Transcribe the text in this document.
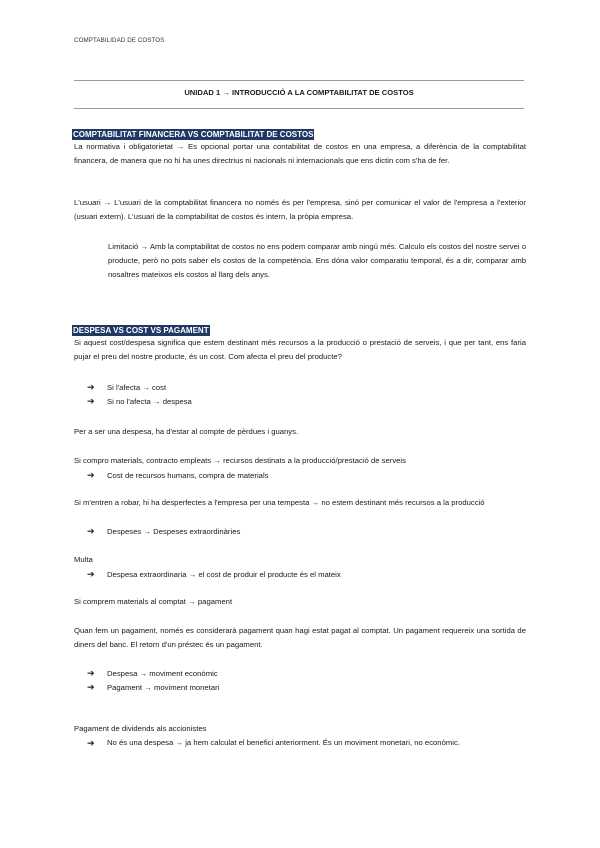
COMPTABILIDAD DE COSTOS
UNIDAD 1 → INTRODUCCIÓ A LA COMPTABILITAT DE COSTOS
COMPTABILITAT FINANCERA VS COMPTABILITAT DE COSTOS
La normativa i obligatorietat → Es opcional portar una contabilitat de costos en una empresa, a diferència de la comptabilitat financera, de manera que no hi ha unes directrius ni nacionals ni internacionals que ens dictin com s'ha de fer.
L'usuari → L'usuari de la comptabilitat financera no només és per l'empresa, sinó per comunicar el valor de l'empresa a l'exterior (usuari extern). L'usuari de la comptabilitat de costos és intern, la pròpia empresa.
Limitació → Amb la comptabilitat de costos no ens podem comparar amb ningú més. Calculo els costos del nostre servei o producte, però no pots saber els costos de la competència. Ens dóna valor comparatiu temporal, és a dir, comparar amb nosaltres mateixos els costos al llarg dels anys.
DESPESA VS COST VS PAGAMENT
Si aquest cost/despesa significa que estem destinant més recursos a la producció o prestació de serveis, i que per tant, ens faria pujar el preu del nostre producte, és un cost. Com afecta el preu del producte?
➔ Si l'afecta → cost
➔ Si no l'afecta → despesa
Per a ser una despesa, ha d'estar al compte de pèrdues i guanys.
Si compro materials, contracto empleats → recursos destinats a la producció/prestació de serveis
➔ Cost de recursos humans, compra de materials
Si m'entren a robar, hi ha desperfectes a l'empresa per una tempesta → no estem destinant més recursos a la producció
➔ Despeses → Despeses extraordinàries
Multa
➔ Despesa extraordinaria → el cost de produir el producte és el mateix
Si comprem materials al comptat → pagament
Quan fem un pagament, només es considerarà pagament quan hagi estat pagat al comptat. Un pagament requereix una sortida de diners del banc. El retorn d'un préstec és un pagament.
➔ Despesa → moviment econòmic
➔ Pagament → moviment monetari
Pagament de dividends als accionistes
➔ No és una despesa → ja hem calculat el benefici anteriorment. És un moviment monetari, no econòmic.
